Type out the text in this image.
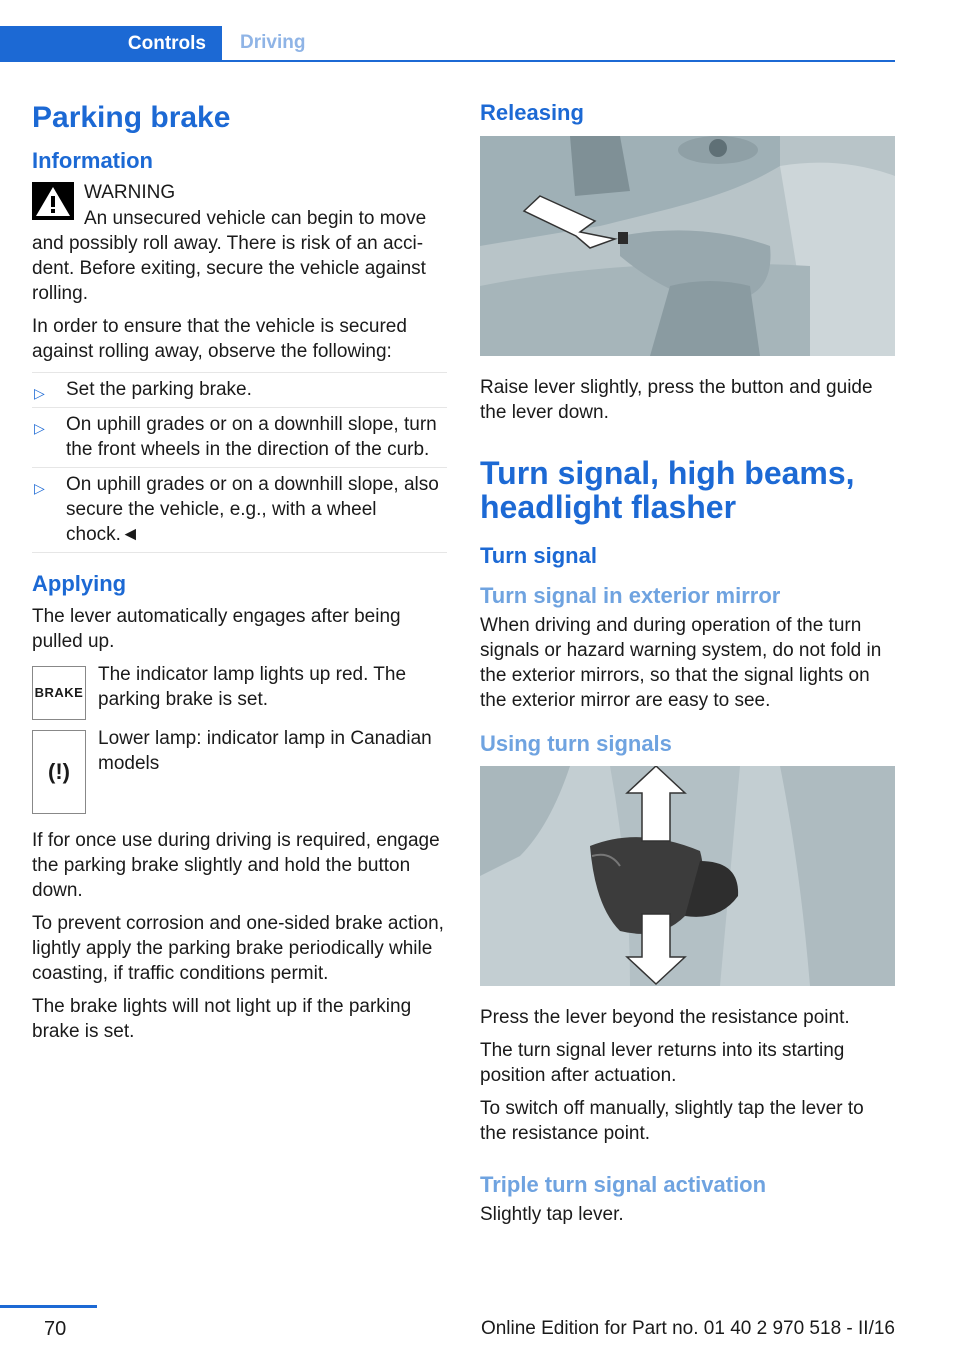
Controls	Driving
Parking brake
Information

WARNING

An unsecured vehicle can begin to move and possibly roll away. There is risk of an accident. Before exiting, secure the vehicle against rolling.

In order to ensure that the vehicle is secured against rolling away, observe the following:

▷ Set the parking brake.
▷ On uphill grades or on a downhill slope, turn the front wheels in the direction of the curb.
▷ On uphill grades or on a downhill slope, also secure the vehicle, e.g., with a wheel chock.◄
Applying

The lever automatically engages after being pulled up.

BRAKE
The indicator lamp lights up red. The parking brake is set.
(!)
Lower lamp: indicator lamp in Canadian models

If for once use during driving is required, engage the parking brake slightly and hold the button down.

To prevent corrosion and one-sided brake action, lightly apply the parking brake periodically while coasting, if traffic conditions permit.

The brake lights will not light up if the parking brake is set.

Releasing

Raise lever slightly, press the button and guide the lever down.

Turn signal, high beams, headlight flasher
Turn signal
Turn signal in exterior mirror

When driving and during operation of the turn signals or hazard warning system, do not fold in the exterior mirrors, so that the signal lights on the exterior mirror are easy to see.

Using turn signals

Press the lever beyond the resistance point.

The turn signal lever returns into its starting position after actuation.

To switch off manually, slightly tap the lever to the resistance point.

Triple turn signal activation

Slightly tap lever.

70	Online Edition for Part no. 01 40 2 970 518 - II/16
